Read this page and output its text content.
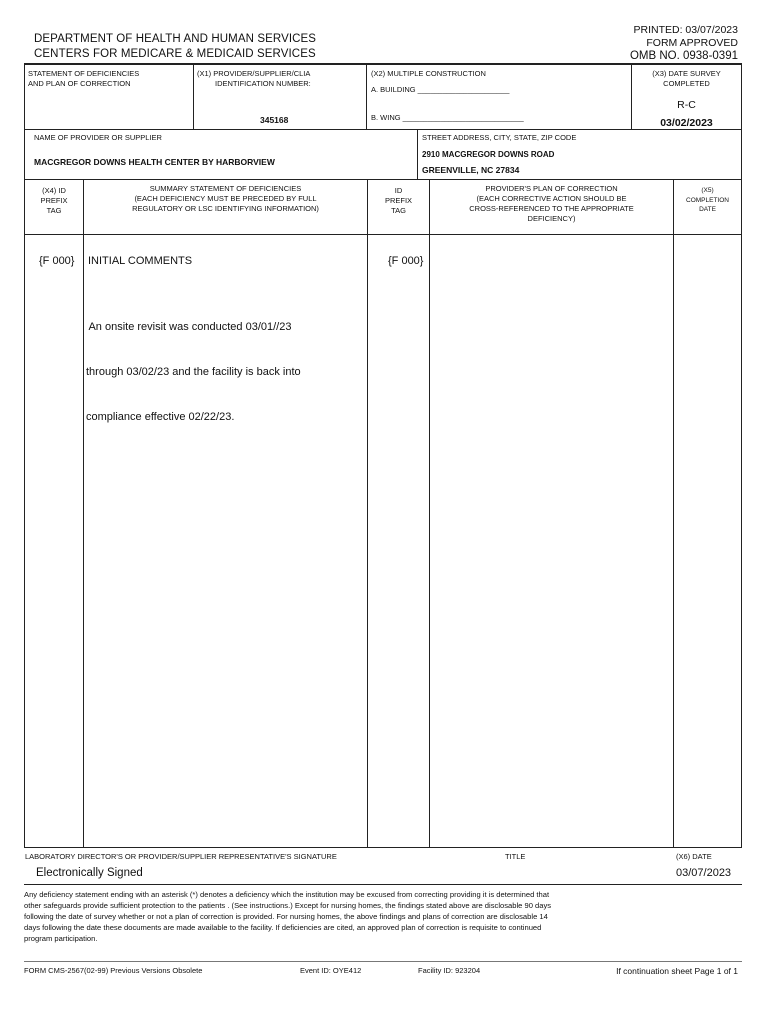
DEPARTMENT OF HEALTH AND HUMAN SERVICES
CENTERS FOR MEDICARE & MEDICAID SERVICES
PRINTED: 03/07/2023
FORM APPROVED
OMB NO. 0938-0391
STATEMENT OF DEFICIENCIES
AND PLAN OF CORRECTION
(X1) PROVIDER/SUPPLIER/CLIA
IDENTIFICATION NUMBER:
345168
(X2) MULTIPLE CONSTRUCTION
A. BUILDING ______________________
B. WING _____________________________
(X3) DATE SURVEY
COMPLETED
R-C
03/02/2023
NAME OF PROVIDER OR SUPPLIER
MACGREGOR DOWNS HEALTH CENTER BY HARBORVIEW
STREET ADDRESS, CITY, STATE, ZIP CODE
2910 MACGREGOR DOWNS ROAD
GREENVILLE, NC 27834
(X4) ID
PREFIX
TAG
SUMMARY STATEMENT OF DEFICIENCIES
(EACH DEFICIENCY MUST BE PRECEDED BY FULL
REGULATORY OR LSC IDENTIFYING INFORMATION)
ID
PREFIX
TAG
PROVIDER'S PLAN OF CORRECTION
(EACH CORRECTIVE ACTION SHOULD BE
CROSS-REFERENCED TO THE APPROPRIATE
DEFICIENCY)
(X5)
COMPLETION
DATE
{F 000} INITIAL COMMENTS	{F 000}

An onsite revisit was conducted 03/01//23

through 03/02/23 and the facility is back into

compliance effective 02/22/23.

LABORATORY DIRECTOR'S OR PROVIDER/SUPPLIER REPRESENTATIVE'S SIGNATURE	TITLE	(X6) DATE
Electronically Signed	03/07/2023
Any deficiency statement ending with an asterisk (*) denotes a deficiency which the institution may be excused from correcting providing it is determined that
other safeguards provide sufficient protection to the patients . (See instructions.) Except for nursing homes, the findings stated above are disclosable 90 days
following the date of survey whether or not a plan of correction is provided. For nursing homes, the above findings and plans of correction are disclosable 14
days following the date these documents are made available to the facility. If deficiencies are cited, an approved plan of correction is requisite to continued
program participation.
FORM CMS-2567(02-99) Previous Versions Obsolete	Event ID: OYE412	Facility ID: 923204	If continuation sheet Page 1 of 1
